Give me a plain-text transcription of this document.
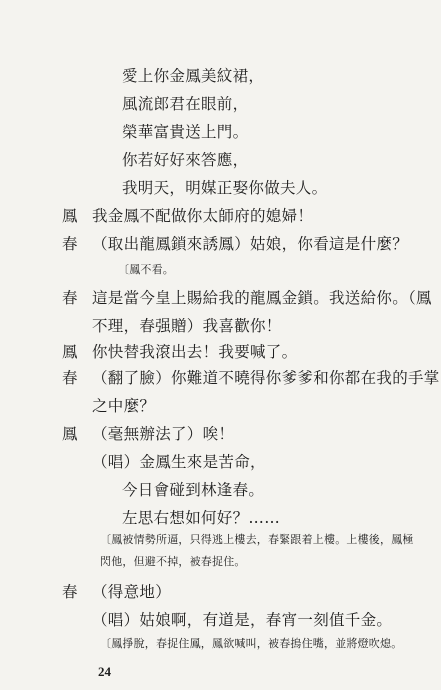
愛上你金鳳美紋裙，
風流郎君在眼前，
榮華富貴送上門。
你若好好來答應，
我明天，明媒正娶你做夫人。
鳳 我金鳳不配做你太師府的媳婦！
春 （取出龍鳳鎖來誘鳳）姑娘，你看這是什麼？
〔鳳不看。
春 這是當今皇上賜給我的龍鳳金鎖。我送給你。（鳳
不理，春强贈）我喜歡你！
鳳 你快替我滾出去！我要喊了。
春 （翻了臉）你難道不曉得你爹爹和你都在我的手掌
之中麼？
鳳 （毫無辦法了）唉！
（唱）金鳳生來是苦命，
今日會碰到林逢春。
左思右想如何好？……
〔鳳被情勢所逼，只得逃上樓去，春緊跟着上樓。上樓後，鳳極
閃他，但避不掉，被春捉住。
24
春 （得意地）
（唱）姑娘啊，有道是，春宵一刻值千金。
〔鳳掙脫，春捉住鳳，鳳欲喊叫，被春摀住嘴，並將燈吹熄。
